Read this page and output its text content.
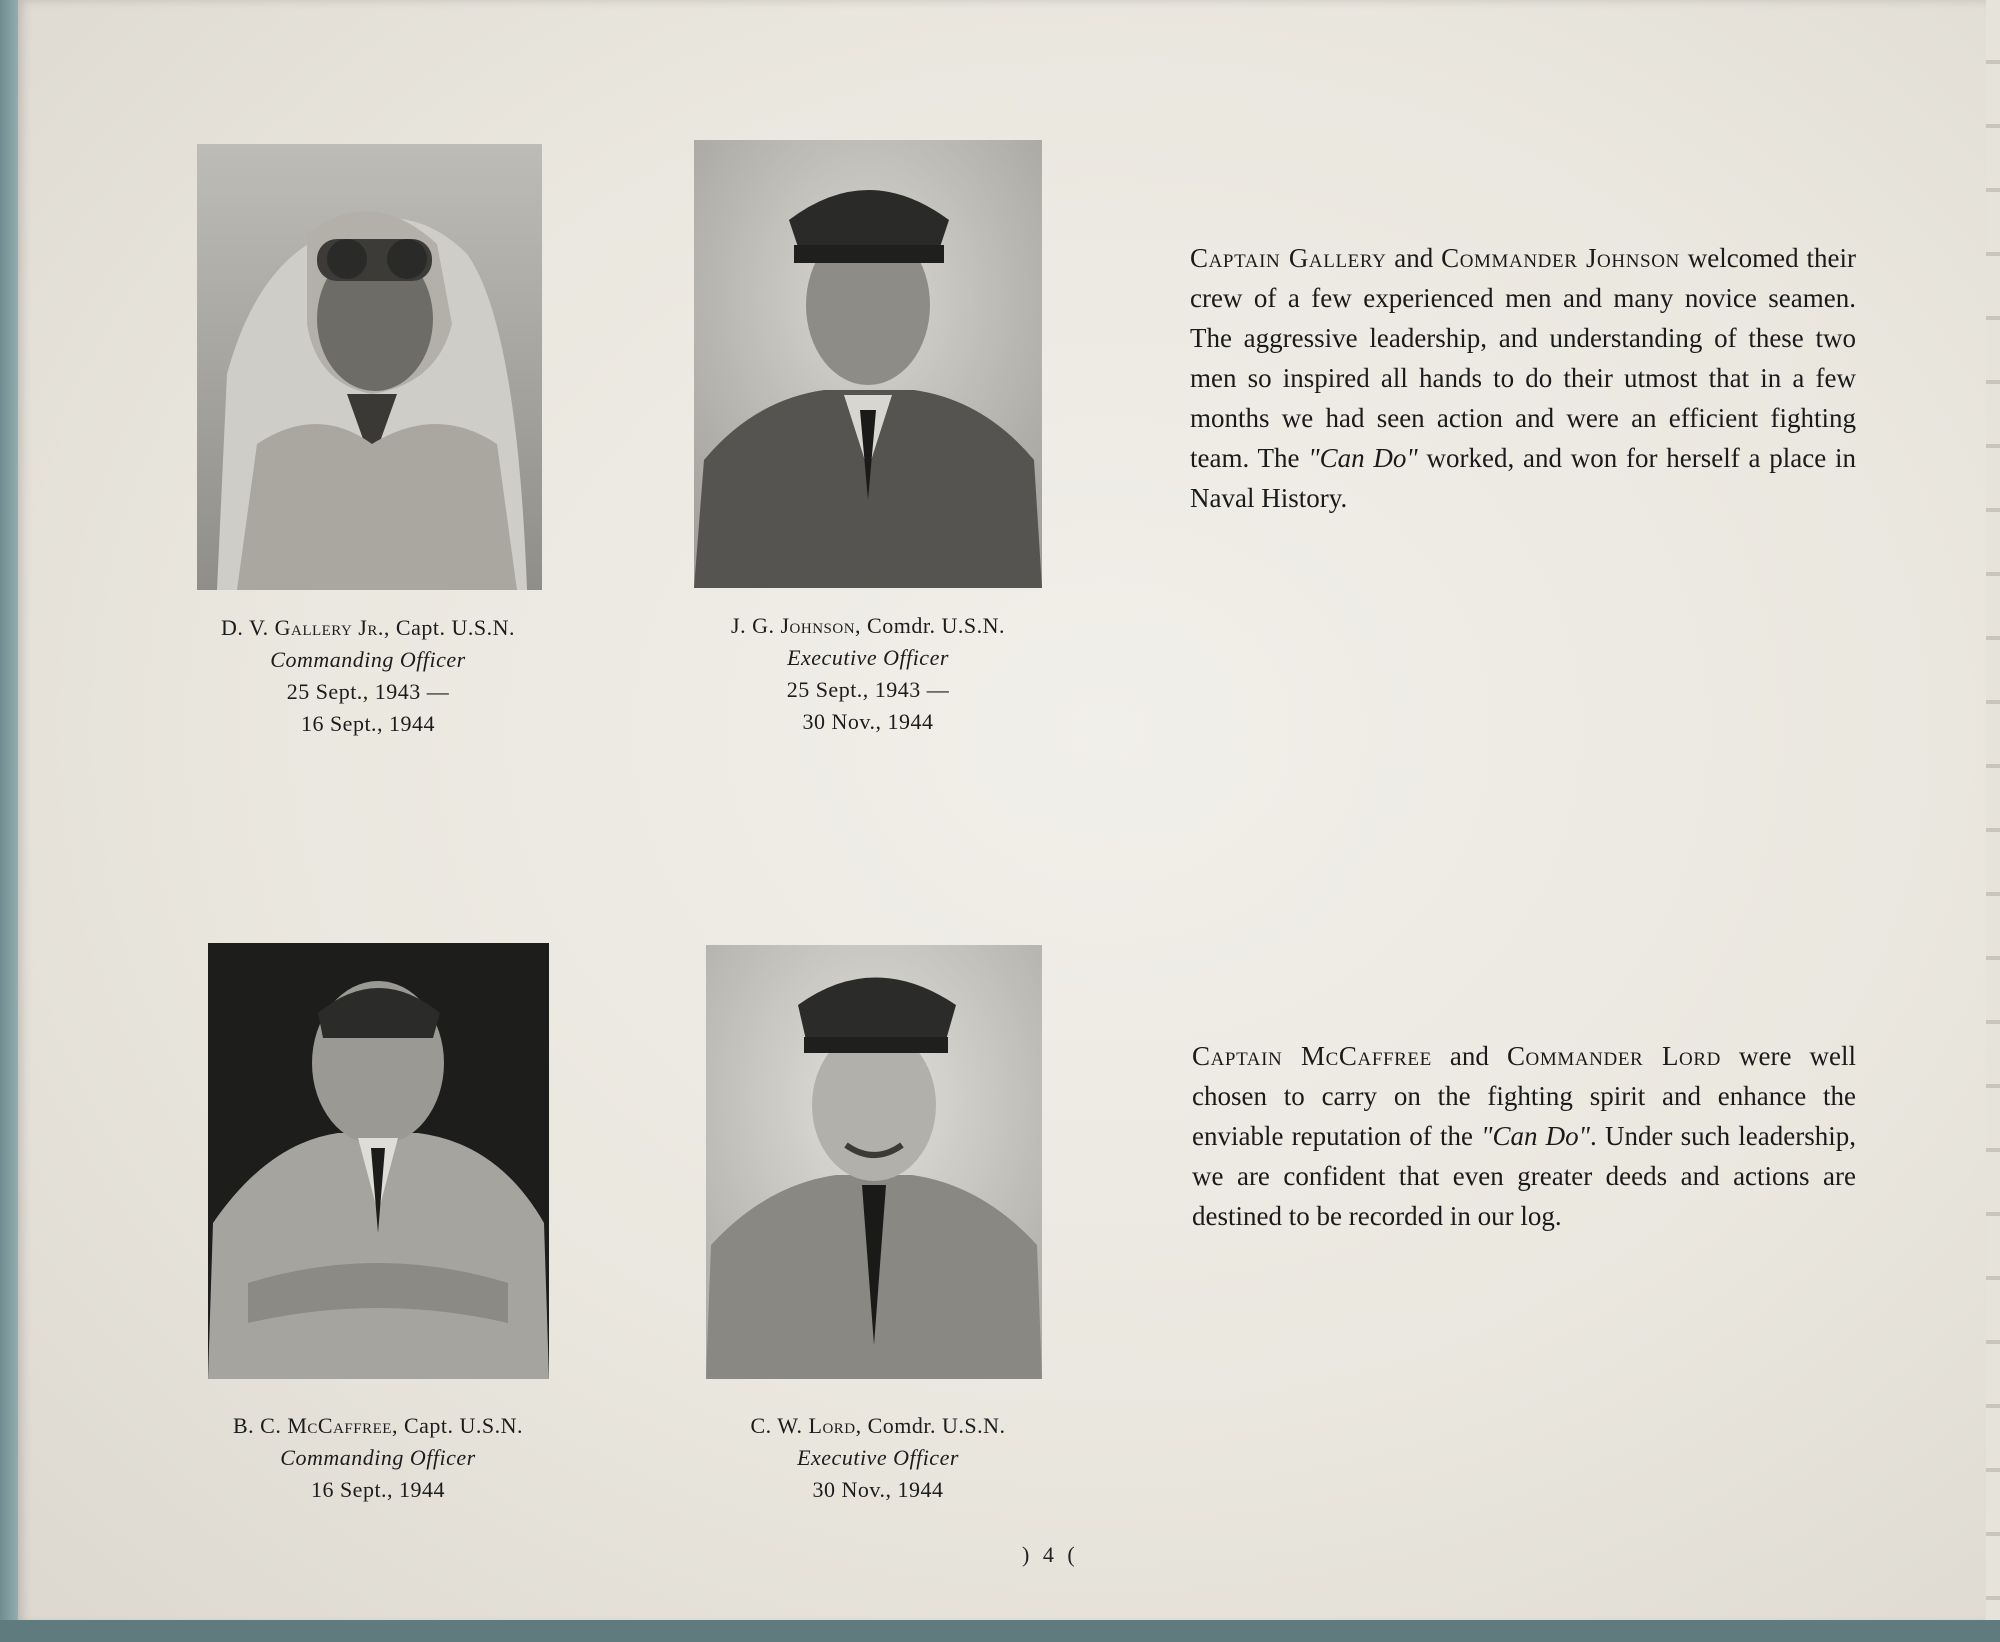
D. V. Gallery Jr., Capt. U.S.N.
Commanding Officer
25 Sept., 1943 —
16 Sept., 1944
J. G. Johnson, Comdr. U.S.N.
Executive Officer
25 Sept., 1943 —
30 Nov., 1944
B. C. McCaffree, Capt. U.S.N.
Commanding Officer
16 Sept., 1944
C. W. Lord, Comdr. U.S.N.
Executive Officer
30 Nov., 1944
Captain Gallery and Commander Johnson welcomed their crew of a few experienced men and many novice seamen. The aggressive leadership, and understanding of these two men so inspired all hands to do their utmost that in a few months we had seen action and were an efficient fighting team. The "Can Do" worked, and won for herself a place in Naval History.
Captain McCaffree and Commander Lord were well chosen to carry on the fighting spirit and enhance the enviable reputation of the "Can Do". Under such leadership, we are confident that even greater deeds and actions are destined to be recorded in our log.
) 4 (
